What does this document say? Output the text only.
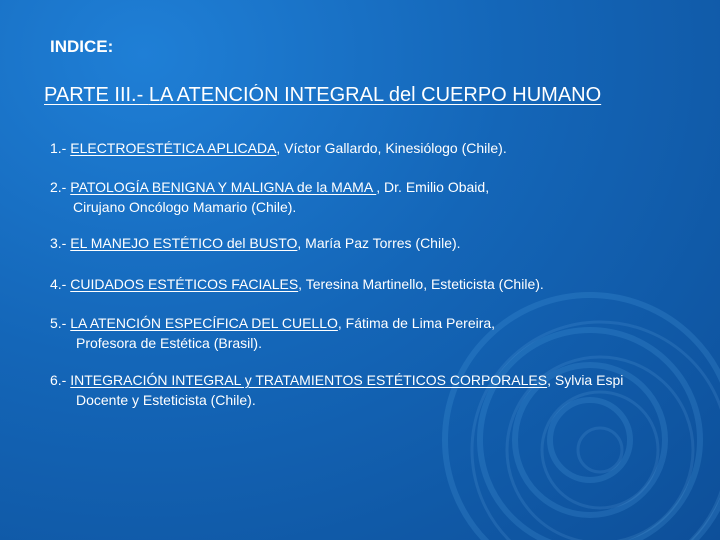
INDICE:
PARTE III.- LA ATENCIÓN INTEGRAL del CUERPO HUMANO
1.- ELECTROESTÉTICA APLICADA, Víctor Gallardo, Kinesiólogo (Chile).
2.- PATOLOGÍA BENIGNA Y MALIGNA de la MAMA , Dr. Emilio Obaid,
Cirujano Oncólogo Mamario (Chile).
3.- EL MANEJO ESTÉTICO del BUSTO, María Paz Torres (Chile).
4.- CUIDADOS ESTÉTICOS FACIALES, Teresina Martinello, Esteticista (Chile).
5.- LA ATENCIÓN ESPECÍFICA DEL CUELLO, Fátima de Lima Pereira,
Profesora de Estética (Brasil).
6.- INTEGRACIÓN INTEGRAL y TRATAMIENTOS ESTÉTICOS CORPORALES, Sylvia Espi
Docente y Esteticista (Chile).
